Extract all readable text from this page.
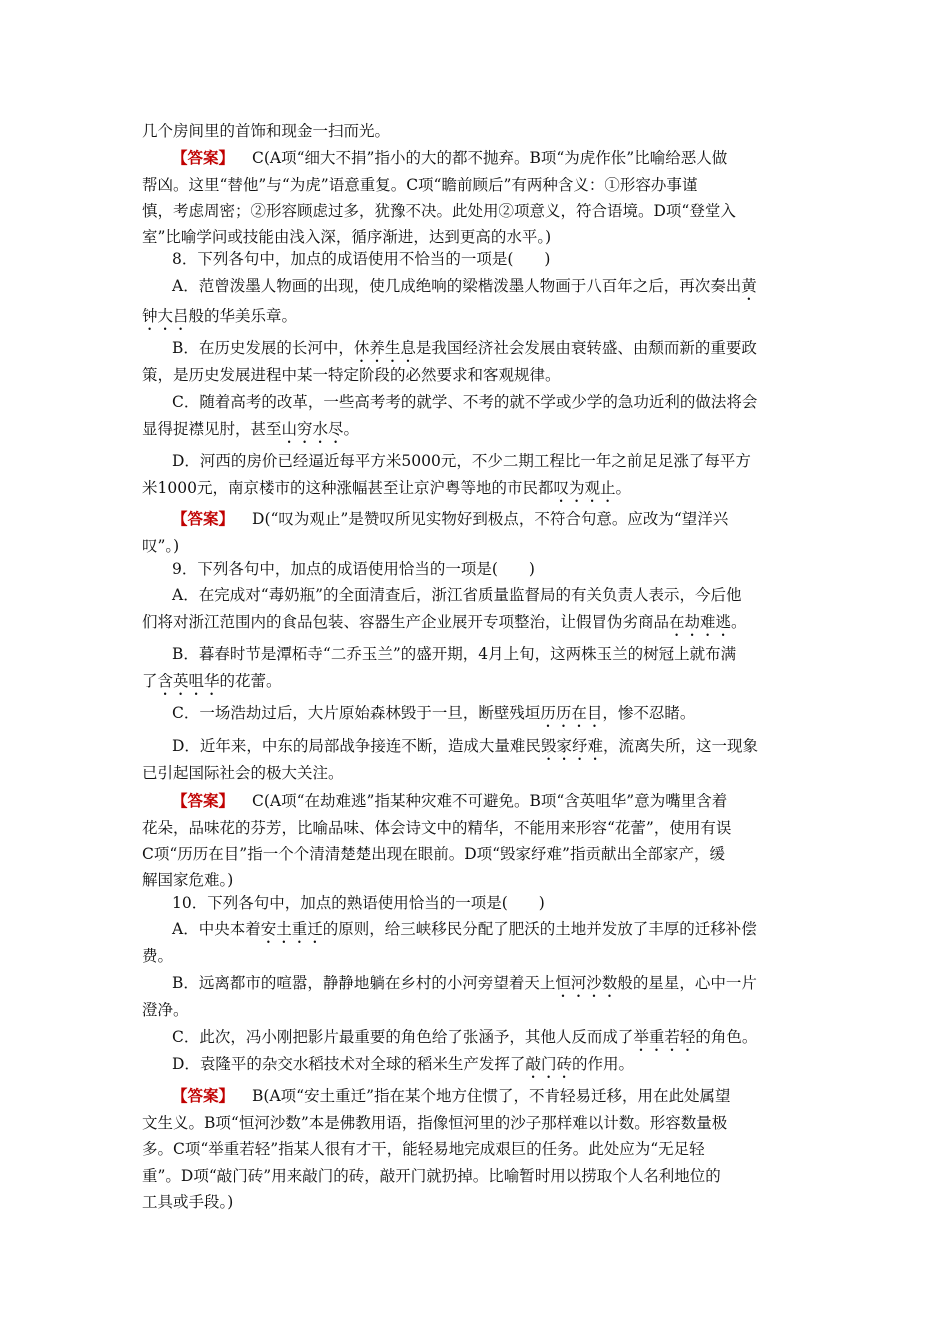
几个房间里的首饰和现金一扫而光。
【答案】 C(A项“细大不捐”指小的大的都不抛弃。B项“为虎作伥”比喻给恶人做
帮凶。这里“替他”与“为虎”语意重复。C项“瞻前顾后”有两种含义：①形容办事谨
慎，考虑周密；②形容顾虑过多，犹豫不决。此处用②项意义，符合语境。D项“登堂入
室”比喻学问或技能由浅入深，循序渐进，达到更高的水平。)
8．下列各句中，加点的成语使用不恰当的一项是(　　)
A．范曾泼墨人物画的出现，使几成绝响的梁楷泼墨人物画于八百年之后，再次奏出黄
钟大吕般的华美乐章。
B．在历史发展的长河中，休养生息是我国经济社会发展由衰转盛、由颓而新的重要政
策，是历史发展进程中某一特定阶段的必然要求和客观规律。
C．随着高考的改革，一些高考考的就学、不考的就不学或少学的急功近利的做法将会
显得捉襟见肘，甚至山穷水尽。
D．河西的房价已经逼近每平方米5000元，不少二期工程比一年之前足足涨了每平方
米1000元，南京楼市的这种涨幅甚至让京沪粤等地的市民都叹为观止。
【答案】 D(“叹为观止”是赞叹所见实物好到极点，不符合句意。应改为“望洋兴
叹”。)
9．下列各句中，加点的成语使用恰当的一项是(　　)
A．在完成对“毒奶瓶”的全面清查后，浙江省质量监督局的有关负责人表示，今后他
们将对浙江范围内的食品包装、容器生产企业展开专项整治，让假冒伪劣商品在劫难逃。
B．暮春时节是潭柘寺“二乔玉兰”的盛开期，4月上旬，这两株玉兰的树冠上就布满
了含英咀华的花蕾。
C．一场浩劫过后，大片原始森林毁于一旦，断壁残垣历历在目，惨不忍睹。
D．近年来，中东的局部战争接连不断，造成大量难民毁家纾难，流离失所，这一现象
已引起国际社会的极大关注。
【答案】 C(A项“在劫难逃”指某种灾难不可避免。B项“含英咀华”意为嘴里含着
花朵，品味花的芬芳，比喻品味、体会诗文中的精华，不能用来形容“花蕾”，使用有误
C项“历历在目”指一个个清清楚楚出现在眼前。D项“毁家纾难”指贡献出全部家产，缓
解国家危难。)
10．下列各句中，加点的熟语使用恰当的一项是(　　)
A．中央本着安土重迁的原则，给三峡移民分配了肥沃的土地并发放了丰厚的迁移补偿
费。
B．远离都市的喧嚣，静静地躺在乡村的小河旁望着天上恒河沙数般的星星，心中一片
澄净。
C．此次，冯小刚把影片最重要的角色给了张涵予，其他人反而成了举重若轻的角色。
D．袁隆平的杂交水稻技术对全球的稻米生产发挥了敲门砖的作用。
【答案】 B(A项“安土重迁”指在某个地方住惯了，不肯轻易迁移，用在此处属望
文生义。B项“恒河沙数”本是佛教用语，指像恒河里的沙子那样难以计数。形容数量极
多。C项“举重若轻”指某人很有才干，能轻易地完成艰巨的任务。此处应为“无足轻
重”。D项“敲门砖”用来敲门的砖，敲开门就扔掉。比喻暂时用以捞取个人名利地位的
工具或手段。)
